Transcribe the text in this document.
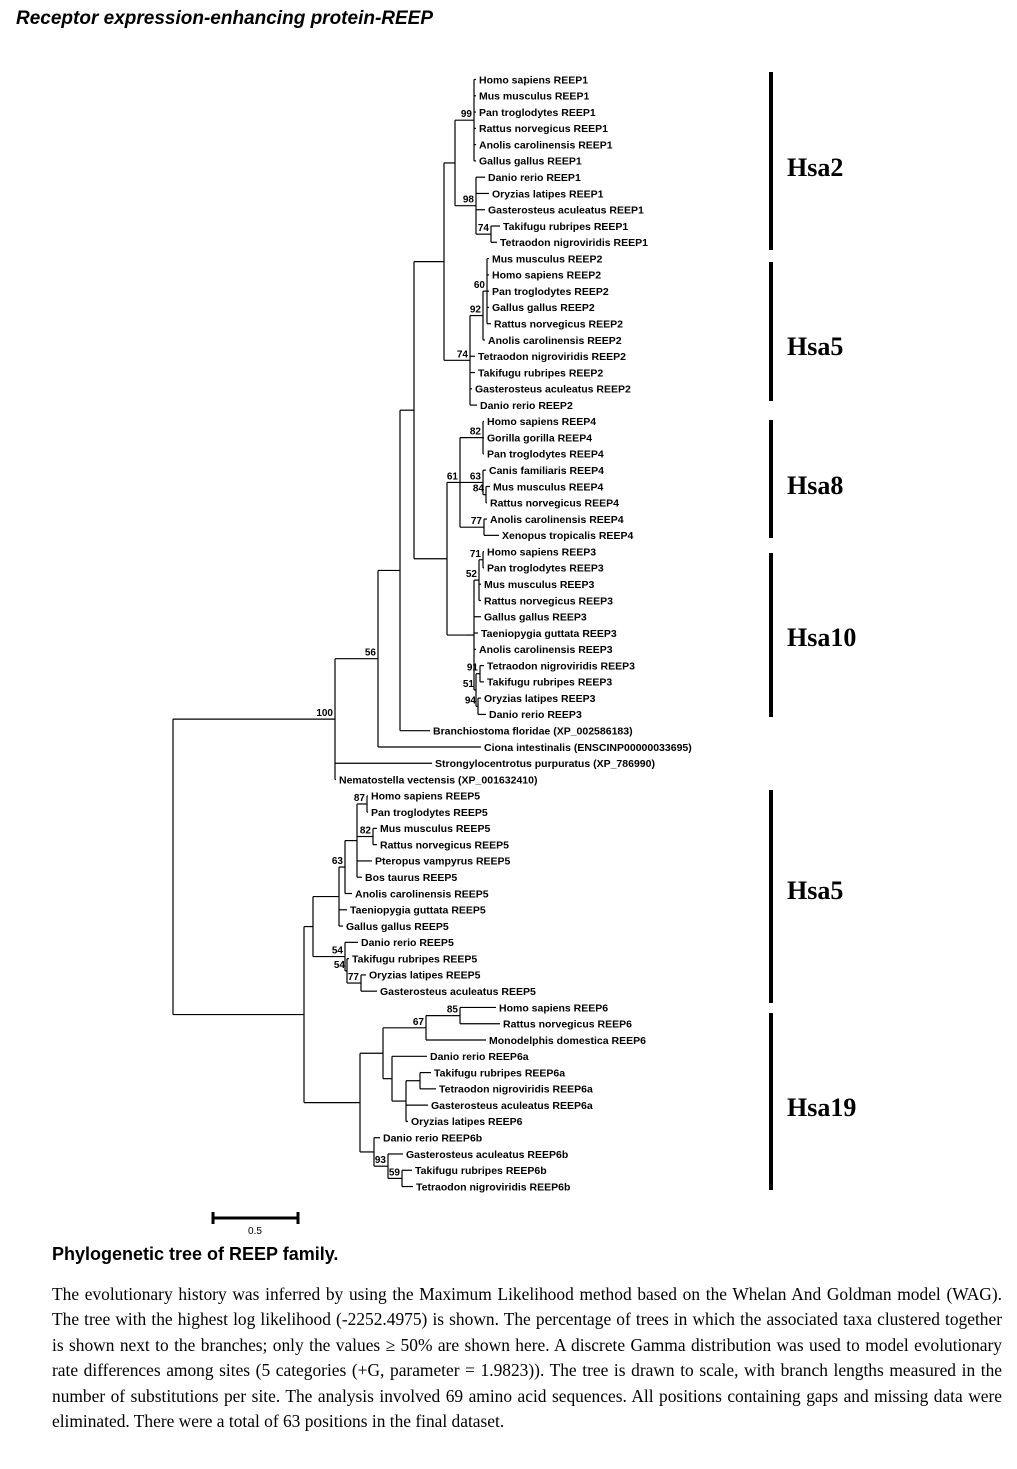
Receptor expression-enhancing protein-REEP
Homo sapiens REEP1
Mus musculus REEP1
Pan troglodytes REEP1
Rattus norvegicus REEP1
Anolis carolinensis REEP1
Gallus gallus REEP1
Danio rerio REEP1
Oryzias latipes REEP1
Gasterosteus aculeatus REEP1
Takifugu rubripes REEP1
Tetraodon nigroviridis REEP1
Mus musculus REEP2
Homo sapiens REEP2
Pan troglodytes REEP2
Gallus gallus REEP2
Rattus norvegicus REEP2
Anolis carolinensis REEP2
Tetraodon nigroviridis REEP2
Takifugu rubripes REEP2
Gasterosteus aculeatus REEP2
Danio rerio REEP2
Homo sapiens REEP4
Gorilla gorilla REEP4
Pan troglodytes REEP4
Canis familiaris REEP4
Mus musculus REEP4
Rattus norvegicus REEP4
Anolis carolinensis REEP4
Xenopus tropicalis REEP4
Homo sapiens REEP3
Pan troglodytes REEP3
Mus musculus REEP3
Rattus norvegicus REEP3
Gallus gallus REEP3
Taeniopygia guttata REEP3
Anolis carolinensis REEP3
Tetraodon nigroviridis REEP3
Takifugu rubripes REEP3
Oryzias latipes REEP3
Danio rerio REEP3
Branchiostoma floridae (XP_002586183)
Ciona intestinalis (ENSCINP00000033695)
Strongylocentrotus purpuratus (XP_786990)
Nematostella vectensis (XP_001632410)
Homo sapiens REEP5
Pan troglodytes REEP5
Mus musculus REEP5
Rattus norvegicus REEP5
Pteropus vampyrus REEP5
Bos taurus REEP5
Anolis carolinensis REEP5
Taeniopygia guttata REEP5
Gallus gallus REEP5
Danio rerio REEP5
Takifugu rubripes REEP5
Oryzias latipes REEP5
Gasterosteus aculeatus REEP5
Homo sapiens REEP6
Rattus norvegicus REEP6
Monodelphis domestica REEP6
Danio rerio REEP6a
Takifugu rubripes REEP6a
Tetraodon nigroviridis REEP6a
Gasterosteus aculeatus REEP6a
Oryzias latipes REEP6
Danio rerio REEP6b
Gasterosteus aculeatus REEP6b
Takifugu rubripes REEP6b
Tetraodon nigroviridis REEP6b
99
74
98
60
92
74
82
84
63
77
61
71
52
91
94
51
56
100
87
82
63
77
54
54
85
67
59
93
Hsa2
Hsa5
Hsa8
Hsa10
Hsa5
Hsa19
0.5
Phylogenetic tree of REEP family.
The evolutionary history was inferred by using the Maximum Likelihood method based on the Whelan And Goldman model (WAG). The tree with the highest log likelihood (-2252.4975) is shown. The percentage of trees in which the associated taxa clustered together is shown next to the branches; only the values ≥ 50% are shown here. A discrete Gamma distribution was used to model evolutionary rate differences among sites (5 categories (+G, parameter = 1.9823)). The tree is drawn to scale, with branch lengths measured in the number of substitutions per site. The analysis involved 69 amino acid sequences. All positions containing gaps and missing data were eliminated. There were a total of 63 positions in the final dataset.
